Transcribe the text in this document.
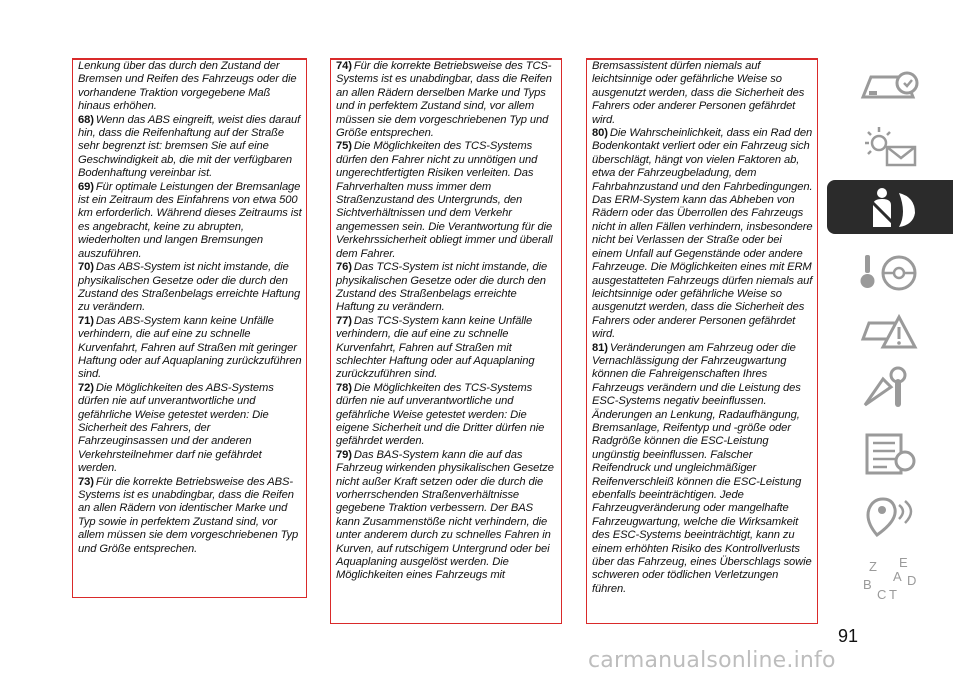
Lenkung über das durch den Zustand der Bremsen und Reifen des Fahrzeugs oder die vorhandene Traktion vorgegebene Maß hinaus erhöhen.

68) Wenn das ABS eingreift, weist dies darauf hin, dass die Reifenhaftung auf der Straße sehr begrenzt ist: bremsen Sie auf eine Geschwindigkeit ab, die mit der verfügbaren Bodenhaftung vereinbar ist.

69) Für optimale Leistungen der Bremsanlage ist ein Zeitraum des Einfahrens von etwa 500 km erforderlich. Während dieses Zeitraums ist es angebracht, keine zu abrupten, wiederholten und langen Bremsungen auszuführen.

70) Das ABS-System ist nicht imstande, die physikalischen Gesetze oder die durch den Zustand des Straßenbelags erreichte Haftung zu verändern.

71) Das ABS-System kann keine Unfälle verhindern, die auf eine zu schnelle Kurvenfahrt, Fahren auf Straßen mit geringer Haftung oder auf Aquaplaning zurückzuführen sind.

72) Die Möglichkeiten des ABS-Systems dürfen nie auf unverantwortliche und gefährliche Weise getestet werden: Die Sicherheit des Fahrers, der Fahrzeuginsassen und der anderen Verkehrsteilnehmer darf nie gefährdet werden.

73) Für die korrekte Betriebsweise des ABS-Systems ist es unabdingbar, dass die Reifen an allen Rädern von identischer Marke und Typ sowie in perfektem Zustand sind, vor allem müssen sie dem vorgeschriebenen Typ und Größe entsprechen.

74) Für die korrekte Betriebsweise des TCS-Systems ist es unabdingbar, dass die Reifen an allen Rädern derselben Marke und Typs und in perfektem Zustand sind, vor allem müssen sie dem vorgeschriebenen Typ und Größe entsprechen.

75) Die Möglichkeiten des TCS-Systems dürfen den Fahrer nicht zu unnötigen und ungerechtfertigten Risiken verleiten. Das Fahrverhalten muss immer dem Straßenzustand des Untergrunds, den Sichtverhältnissen und dem Verkehr angemessen sein. Die Verantwortung für die Verkehrssicherheit obliegt immer und überall dem Fahrer.

76) Das TCS-System ist nicht imstande, die physikalischen Gesetze oder die durch den Zustand des Straßenbelags erreichte Haftung zu verändern.

77) Das TCS-System kann keine Unfälle verhindern, die auf eine zu schnelle Kurvenfahrt, Fahren auf Straßen mit schlechter Haftung oder auf Aquaplaning zurückzuführen sind.

78) Die Möglichkeiten des TCS-Systems dürfen nie auf unverantwortliche und gefährliche Weise getestet werden: Die eigene Sicherheit und die Dritter dürfen nie gefährdet werden.

79) Das BAS-System kann die auf das Fahrzeug wirkenden physikalischen Gesetze nicht außer Kraft setzen oder die durch die vorherrschenden Straßenverhältnisse gegebene Traktion verbessern. Der BAS kann Zusammenstöße nicht verhindern, die unter anderem durch zu schnelles Fahren in Kurven, auf rutschigem Untergrund oder bei Aquaplaning ausgelöst werden. Die Möglichkeiten eines Fahrzeugs mit

Bremsassistent dürfen niemals auf leichtsinnige oder gefährliche Weise so ausgenutzt werden, dass die Sicherheit des Fahrers oder anderer Personen gefährdet wird.

80) Die Wahrscheinlichkeit, dass ein Rad den Bodenkontakt verliert oder ein Fahrzeug sich überschlägt, hängt von vielen Faktoren ab, etwa der Fahrzeugbeladung, dem Fahrbahnzustand und den Fahrbedingungen. Das ERM-System kann das Abheben von Rädern oder das Überrollen des Fahrzeugs nicht in allen Fällen verhindern, insbesondere nicht bei Verlassen der Straße oder bei einem Unfall auf Gegenstände oder andere Fahrzeuge. Die Möglichkeiten eines mit ERM ausgestatteten Fahrzeugs dürfen niemals auf leichtsinnige oder gefährliche Weise so ausgenutzt werden, dass die Sicherheit des Fahrers oder anderer Personen gefährdet wird.

81) Veränderungen am Fahrzeug oder die Vernachlässigung der Fahrzeugwartung können die Fahreigenschaften Ihres Fahrzeugs verändern und die Leistung des ESC-Systems negativ beeinflussen. Änderungen an Lenkung, Radaufhängung, Bremsanlage, Reifentyp und -größe oder Radgröße können die ESC-Leistung ungünstig beeinflussen. Falscher Reifendruck und ungleichmäßiger Reifenverschleiß können die ESC-Leistung ebenfalls beeinträchtigen. Jede Fahrzeugveränderung oder mangelhafte Fahrzeugwartung, welche die Wirksamkeit des ESC-Systems beeinträchtigt, kann zu einem erhöhten Risiko des Kontrollverlusts über das Fahrzeug, eines Überschlags sowie schweren oder tödlichen Verletzungen führen.

Z E
B	D
C T
A
91
carmanualsonline.info
